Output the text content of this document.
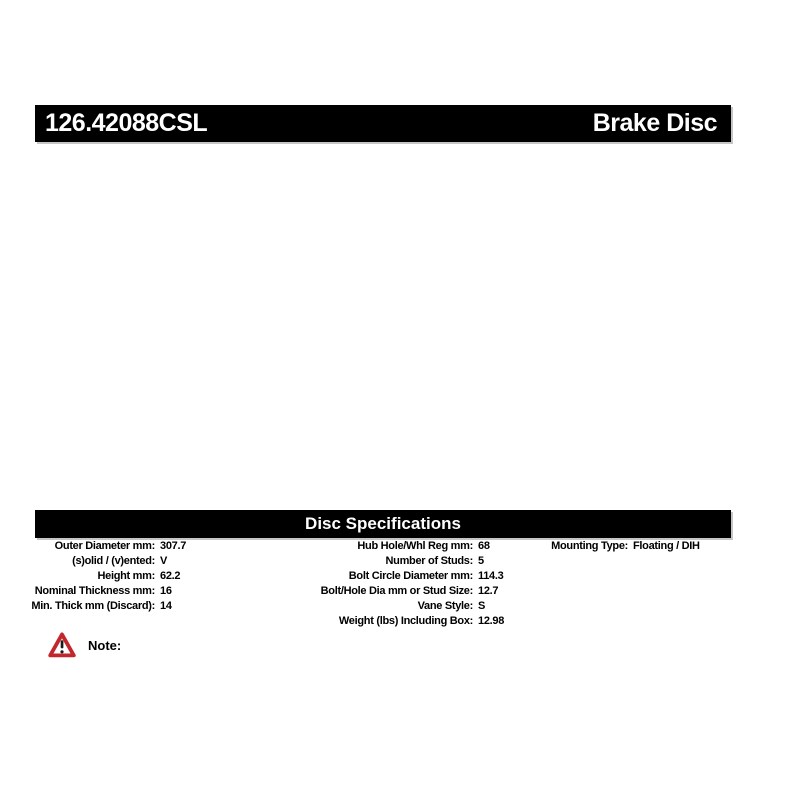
126.42088CSL	Brake Disc
Disc Specifications
Outer Diameter mm: 307.7
(s)olid / (v)ented: V
Height mm: 62.2
Nominal Thickness mm: 16
Min. Thick mm (Discard): 14
Hub Hole/Whl Reg mm: 68
Number of Studs: 5
Bolt Circle Diameter mm: 114.3
Bolt/Hole Dia mm or Stud Size: 12.7
Vane Style: S
Weight (lbs) Including Box: 12.98
Mounting Type: Floating / DIH
Note:
